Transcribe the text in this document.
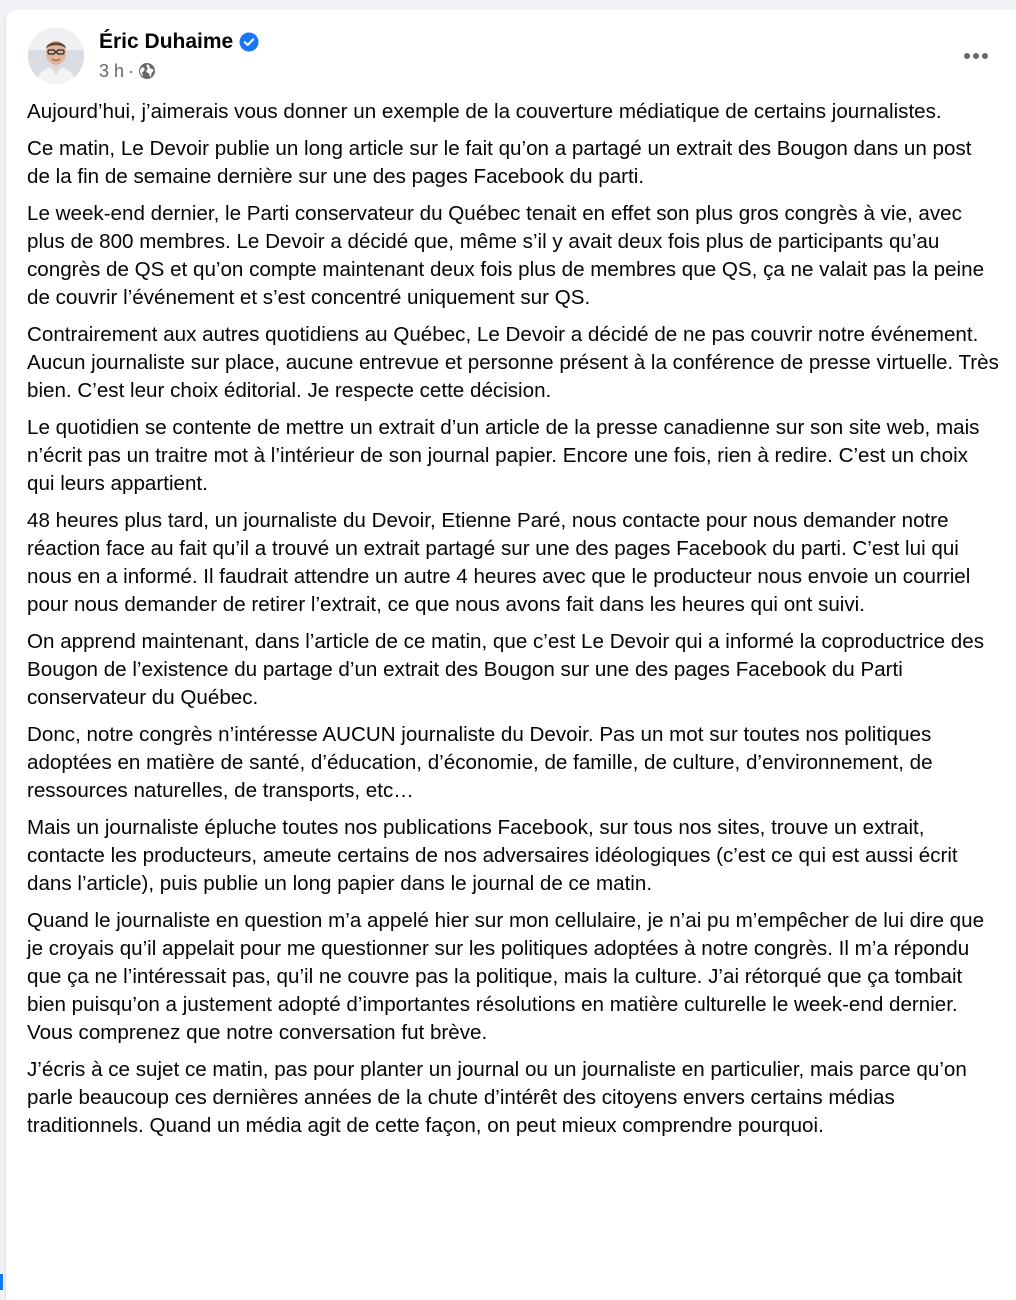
Éric Duhaime
3 h ·

Aujourd’hui, j’aimerais vous donner un exemple de la couverture médiatique de certains journalistes.

Ce matin, Le Devoir publie un long article sur le fait qu’on a partagé un extrait des Bougon dans un post de la fin de semaine dernière sur une des pages Facebook du parti.

Le week-end dernier, le Parti conservateur du Québec tenait en effet son plus gros congrès à vie, avec plus de 800 membres. Le Devoir a décidé que, même s’il y avait deux fois plus de participants qu’au congrès de QS et qu’on compte maintenant deux fois plus de membres que QS, ça ne valait pas la peine de couvrir l’événement et s’est concentré uniquement sur QS.

Contrairement aux autres quotidiens au Québec, Le Devoir a décidé de ne pas couvrir notre événement. Aucun journaliste sur place, aucune entrevue et personne présent à la conférence de presse virtuelle. Très bien. C’est leur choix éditorial. Je respecte cette décision.

Le quotidien se contente de mettre un extrait d’un article de la presse canadienne sur son site web, mais n’écrit pas un traitre mot à l’intérieur de son journal papier. Encore une fois, rien à redire. C’est un choix qui leurs appartient.

48 heures plus tard, un journaliste du Devoir, Etienne Paré, nous contacte pour nous demander notre réaction face au fait qu’il a trouvé un extrait partagé sur une des pages Facebook du parti. C’est lui qui nous en a informé. Il faudrait attendre un autre 4 heures avec que le producteur nous envoie un courriel pour nous demander de retirer l’extrait, ce que nous avons fait dans les heures qui ont suivi.

On apprend maintenant, dans l’article de ce matin, que c’est Le Devoir qui a informé la coproductrice des Bougon de l’existence du partage d’un extrait des Bougon sur une des pages Facebook du Parti conservateur du Québec.

Donc, notre congrès n’intéresse AUCUN journaliste du Devoir. Pas un mot sur toutes nos politiques adoptées en matière de santé, d’éducation, d’économie, de famille, de culture, d’environnement, de ressources naturelles, de transports, etc…

Mais un journaliste épluche toutes nos publications Facebook, sur tous nos sites, trouve un extrait, contacte les producteurs, ameute certains de nos adversaires idéologiques (c’est ce qui est aussi écrit dans l’article), puis publie un long papier dans le journal de ce matin.

Quand le journaliste en question m’a appelé hier sur mon cellulaire, je n’ai pu m’empêcher de lui dire que je croyais qu’il appelait pour me questionner sur les politiques adoptées à notre congrès. Il m’a répondu que ça ne l’intéressait pas, qu’il ne couvre pas la politique, mais la culture. J’ai rétorqué que ça tombait bien puisqu’on a justement adopté d’importantes résolutions en matière culturelle le week-end dernier. Vous comprenez que notre conversation fut brève.

J’écris à ce sujet ce matin, pas pour planter un journal ou un journaliste en particulier, mais parce qu’on parle beaucoup ces dernières années de la chute d’intérêt des citoyens envers certains médias traditionnels. Quand un média agit de cette façon, on peut mieux comprendre pourquoi.
